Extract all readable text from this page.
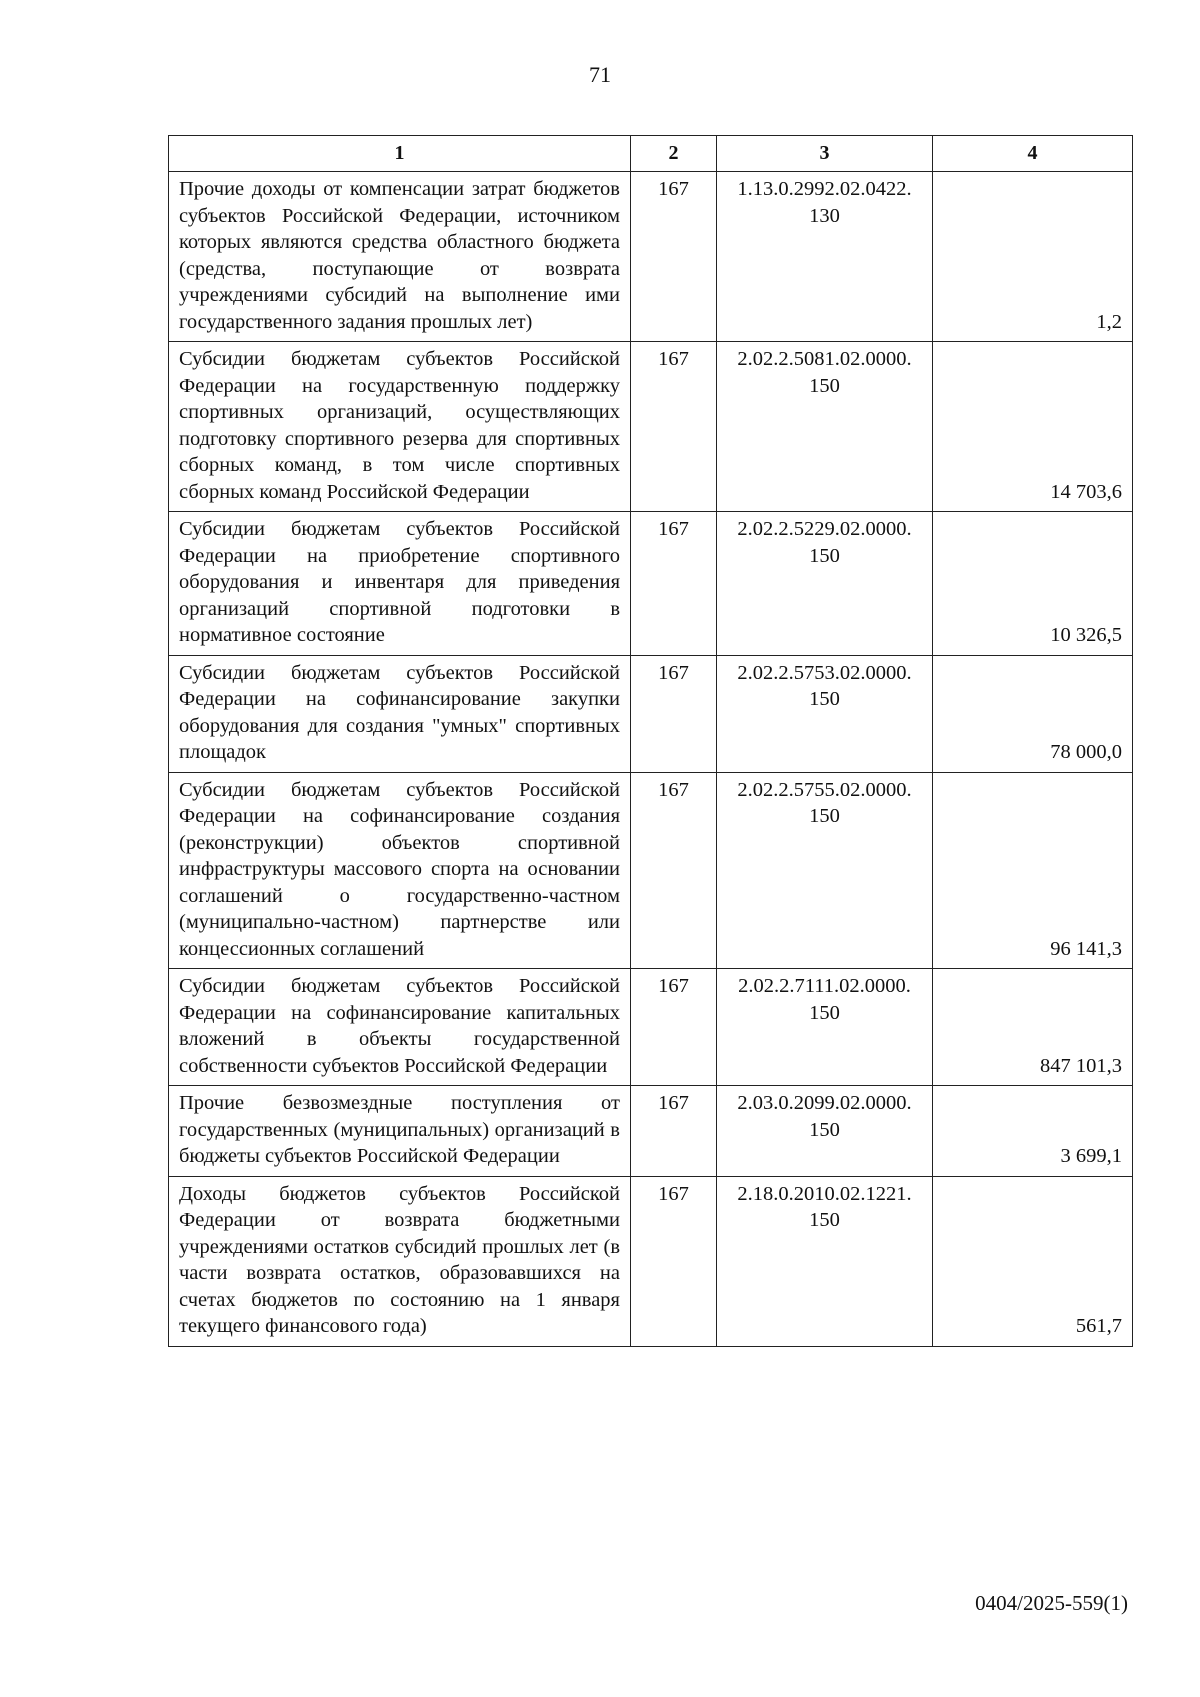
71
1	2	3	4
Прочие доходы от компенсации затрат бюджетов субъектов Российской Федерации, источником которых являются средства областного бюджета (средства, поступающие от возврата учреждениями субсидий на выполнение ими государственного задания прошлых лет)	167	1.13.0.2992.02.0422. 130	1,2
Субсидии бюджетам субъектов Российской Федерации на государственную поддержку спортивных организаций, осуществляющих подготовку спортивного резерва для спортивных сборных команд, в том числе спортивных сборных команд Российской Федерации	167	2.02.2.5081.02.0000. 150	14 703,6
Субсидии бюджетам субъектов Российской Федерации на приобретение спортивного оборудования и инвентаря для приведения организаций спортивной подготовки в нормативное состояние	167	2.02.2.5229.02.0000. 150	10 326,5
Субсидии бюджетам субъектов Российской Федерации на софинансирование закупки оборудования для создания "умных" спортивных площадок	167	2.02.2.5753.02.0000. 150	78 000,0
Субсидии бюджетам субъектов Российской Федерации на софинансирование создания (реконструкции) объектов спортивной инфраструктуры массового спорта на основании соглашений о государственно-частном (муниципально-частном) партнерстве или концессионных соглашений	167	2.02.2.5755.02.0000. 150	96 141,3
Субсидии бюджетам субъектов Российской Федерации на софинансирование капитальных вложений в объекты государственной собственности субъектов Российской Федерации	167	2.02.2.7111.02.0000. 150	847 101,3
Прочие безвозмездные поступления от государственных (муниципальных) организаций в бюджеты субъектов Российской Федерации	167	2.03.0.2099.02.0000. 150	3 699,1
Доходы бюджетов субъектов Российской Федерации от возврата бюджетными учреждениями остатков субсидий прошлых лет (в части возврата остатков, образовавшихся на счетах бюджетов по состоянию на 1 января текущего финансового года)	167	2.18.0.2010.02.1221. 150	561,7
0404/2025-559(1)
